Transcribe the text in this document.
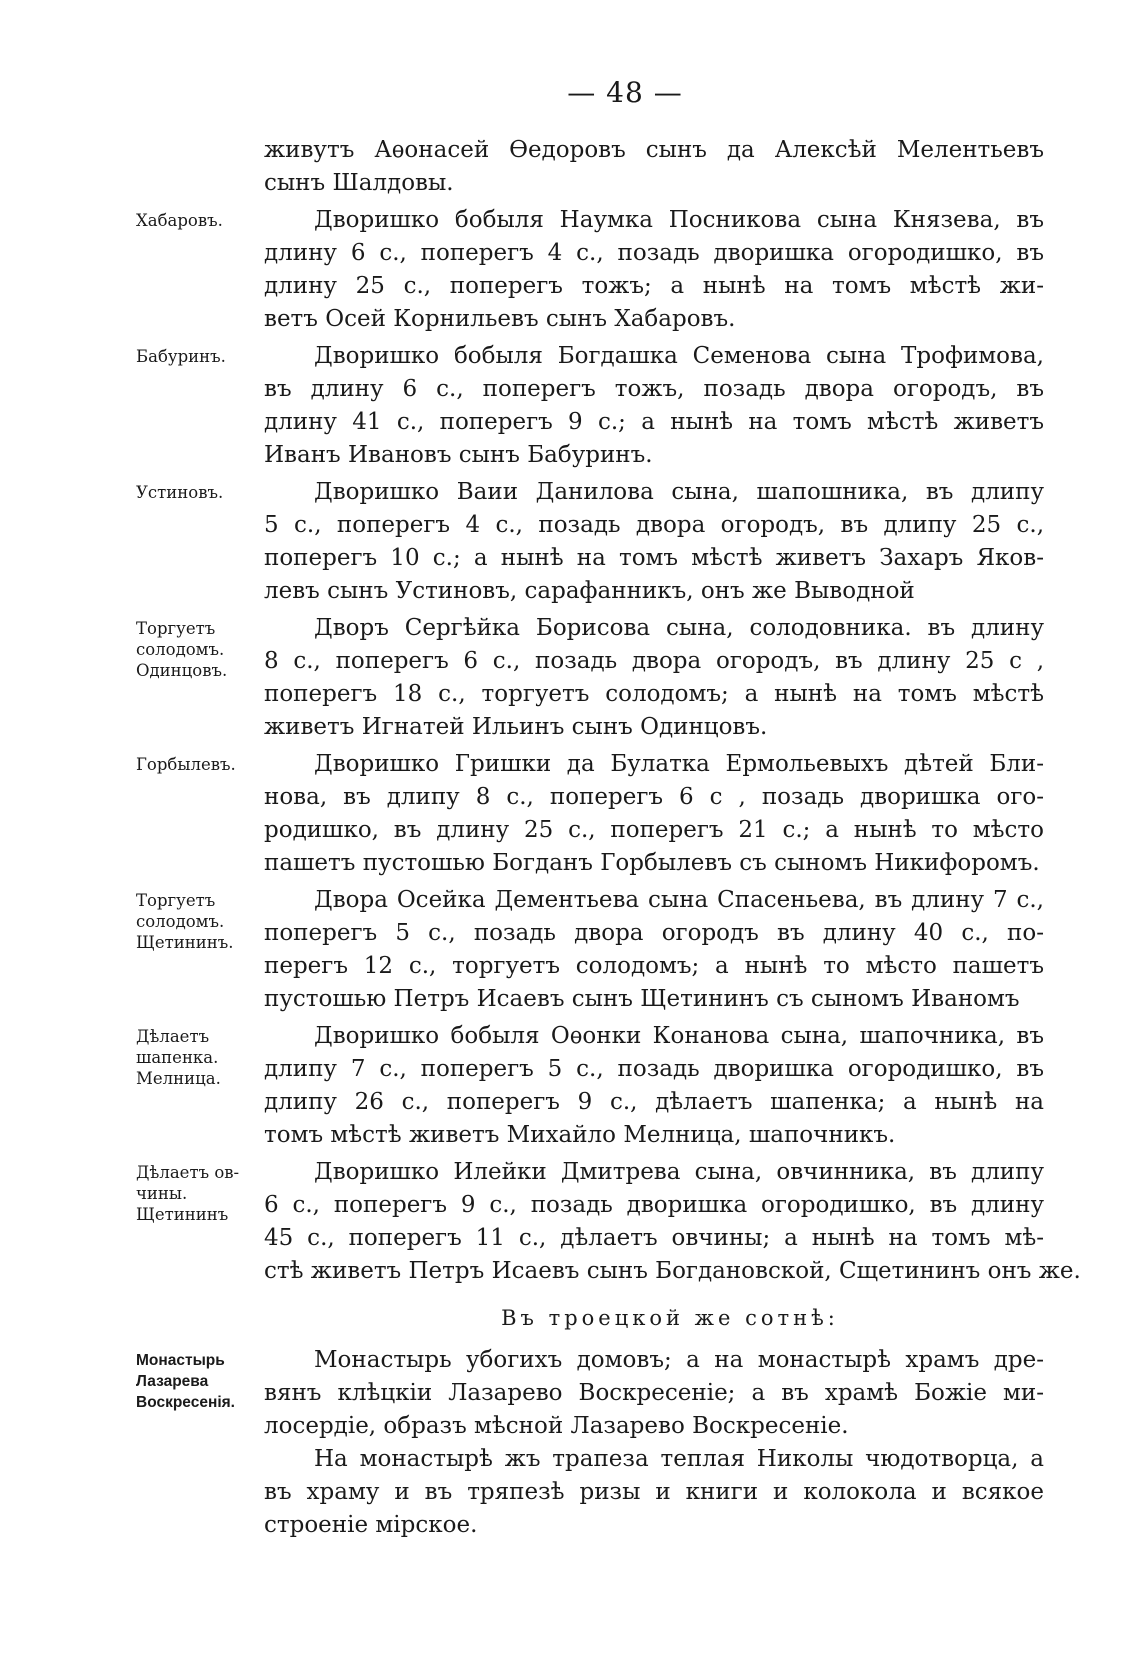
— 48 —
живутъ Аѳонасей Ѳедоровъ сынъ да Алексѣй Мелентьевъ
сынъ Шалдовы.
Хабаровъ.	Дворишко бобыля Наумка Посникова сына Князева, въ
длину 6 с., поперегъ 4 с., позадь дворишка огородишко, въ
длину 25 с., поперегъ тожъ; а нынѣ на томъ мѣстѣ жи-
ветъ Осей Корнильевъ сынъ Хабаровъ.
Бабуринъ.	Дворишко бобыля Богдашка Семенова сына Трофимова,
въ длину 6 с., поперегъ тожъ, позадь двора огородъ, въ
длину 41 с., поперегъ 9 с.; а нынѣ на томъ мѣстѣ живетъ
Иванъ Ивановъ сынъ Бабуринъ.
Устиновъ.	Дворишко Ваии Данилова сына, шапошника, въ длипу
5 с., поперегъ 4 с., позадь двора огородъ, въ длипу 25 с.,
поперегъ 10 с.; а нынѣ на томъ мѣстѣ живетъ Захаръ Яков-
левъ сынъ Устиновъ, сарафанникъ, онъ же Выводной
Торгуетъ
солодомъ.
Одинцовъ.
Дворъ Сергѣйка Борисова сына, солодовника. въ длину
8 с., поперегъ 6 с., позадь двора огородъ, въ длину 25 с ,
поперегъ 18 с., торгуетъ солодомъ; а нынѣ на томъ мѣстѣ
живетъ Игнатей Ильинъ сынъ Одинцовъ.
Горбылевъ.	Дворишко Гришки да Булатка Ермольевыхъ дѣтей Бли-
нова, въ длипу 8 с., поперегъ 6 с , позадь дворишка ого-
родишко, въ длину 25 с., поперегъ 21 с.; а нынѣ то мѣсто
пашетъ пустошью Богданъ Горбылевъ съ сыномъ Никифоромъ.
Торгуетъ
солодомъ.
Щетининъ.
Двора Осейка Дементьева сына Спасеньева, въ длину 7 с.,
поперегъ 5 с., позадь двора огородъ въ длину 40 с., по-
перегъ 12 с., торгуетъ солодомъ; а нынѣ то мѣсто пашетъ
пустошью Петръ Исаевъ сынъ Щетининъ съ сыномъ Иваномъ
Дѣлаетъ
шапенка.
Мелница.
Дворишко бобыля Оѳонки Конанова сына, шапочника, въ
длипу 7 с., поперегъ 5 с., позадь дворишка огородишко, въ
длипу 26 с., поперегъ 9 с., дѣлаетъ шапенка; а нынѣ на
томъ мѣстѣ живетъ Михайло Мелница, шапочникъ.
Дѣлаетъ ов-
чины.
Щетининъ
Дворишко Илейки Дмитрева сына, овчинника, въ длипу
6 с., поперегъ 9 с., позадь дворишка огородишко, въ длину
45 с., поперегъ 11 с., дѣлаетъ овчины; а нынѣ на томъ мѣ-
стѣ живетъ Петръ Исаевъ сынъ Богдановской, Сщетининъ онъ же.
Въ троецкой же сотнѣ:
Монастырь
Лазарева
Воскресенія.
Монастырь убогихъ домовъ; а на монастырѣ храмъ дре-
вянъ клѣцкіи Лазарево Воскресеніе; а въ храмѣ Божіе ми-
лосердіе, образъ мѣсной Лазарево Воскресеніе.
На монастырѣ жъ трапеза теплая Николы чюдотворца, а
въ храму и въ тряпезѣ ризы и книги и колокола и всякое
строеніе мірское.
